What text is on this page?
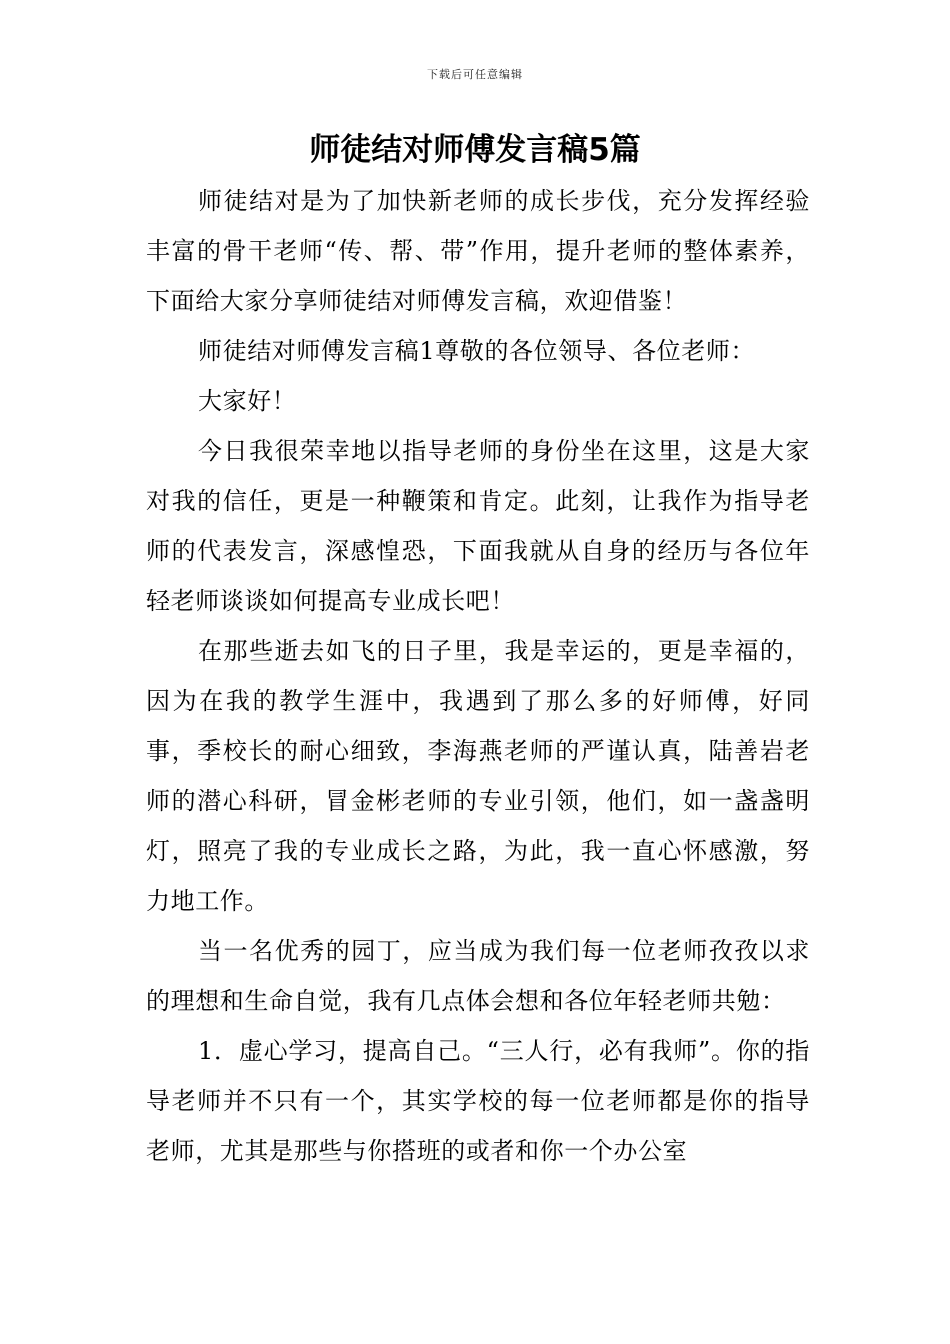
下载后可任意编辑
师徒结对师傅发言稿5篇

师徒结对是为了加快新老师的成长步伐，充分发挥经验丰富的骨干老师“传、帮、带”作用，提升老师的整体素养，下面给大家分享师徒结对师傅发言稿，欢迎借鉴！

师徒结对师傅发言稿1尊敬的各位领导、各位老师：

大家好！

今日我很荣幸地以指导老师的身份坐在这里，这是大家对我的信任，更是一种鞭策和肯定。此刻，让我作为指导老师的代表发言，深感惶恐，下面我就从自身的经历与各位年轻老师谈谈如何提高专业成长吧！

在那些逝去如飞的日子里，我是幸运的，更是幸福的，因为在我的教学生涯中，我遇到了那么多的好师傅，好同事，季校长的耐心细致，李海燕老师的严谨认真，陆善岩老师的潜心科研，冒金彬老师的专业引领，他们，如一盏盏明灯，照亮了我的专业成长之路，为此，我一直心怀感激，努力地工作。

当一名优秀的园丁，应当成为我们每一位老师孜孜以求的理想和生命自觉，我有几点体会想和各位年轻老师共勉：

1．虚心学习，提高自己。“三人行，必有我师”。你的指导老师并不只有一个，其实学校的每一位老师都是你的指导老师，尤其是那些与你搭班的或者和你一个办公室
